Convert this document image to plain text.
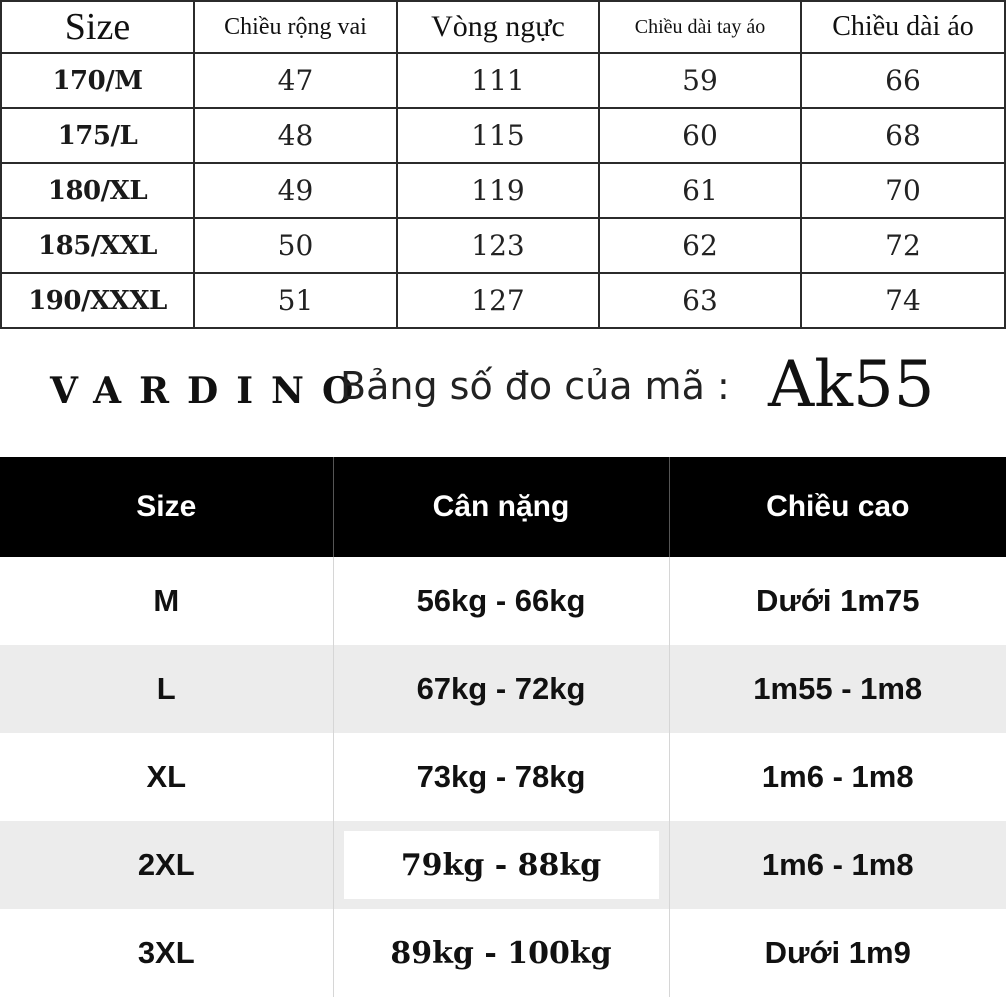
Size	Chiều rộng vai	Vòng ngực	Chiều dài tay áo	Chiều dài áo
170/M	47	111	59	66
175/L	48	115	60	68
180/XL	49	119	61	70
185/XXL	50	123	62	72
190/XXXL	51	127	63	74
VARDINO
Bảng số đo của mã : Ak55
Size	Cân nặng	Chiều cao
M	56kg - 66kg	Dưới 1m75
L	67kg - 72kg	1m55 - 1m8
XL	73kg - 78kg	1m6 - 1m8
2XL	79kg - 88kg	1m6 - 1m8
3XL	89kg - 100kg	Dưới 1m9
